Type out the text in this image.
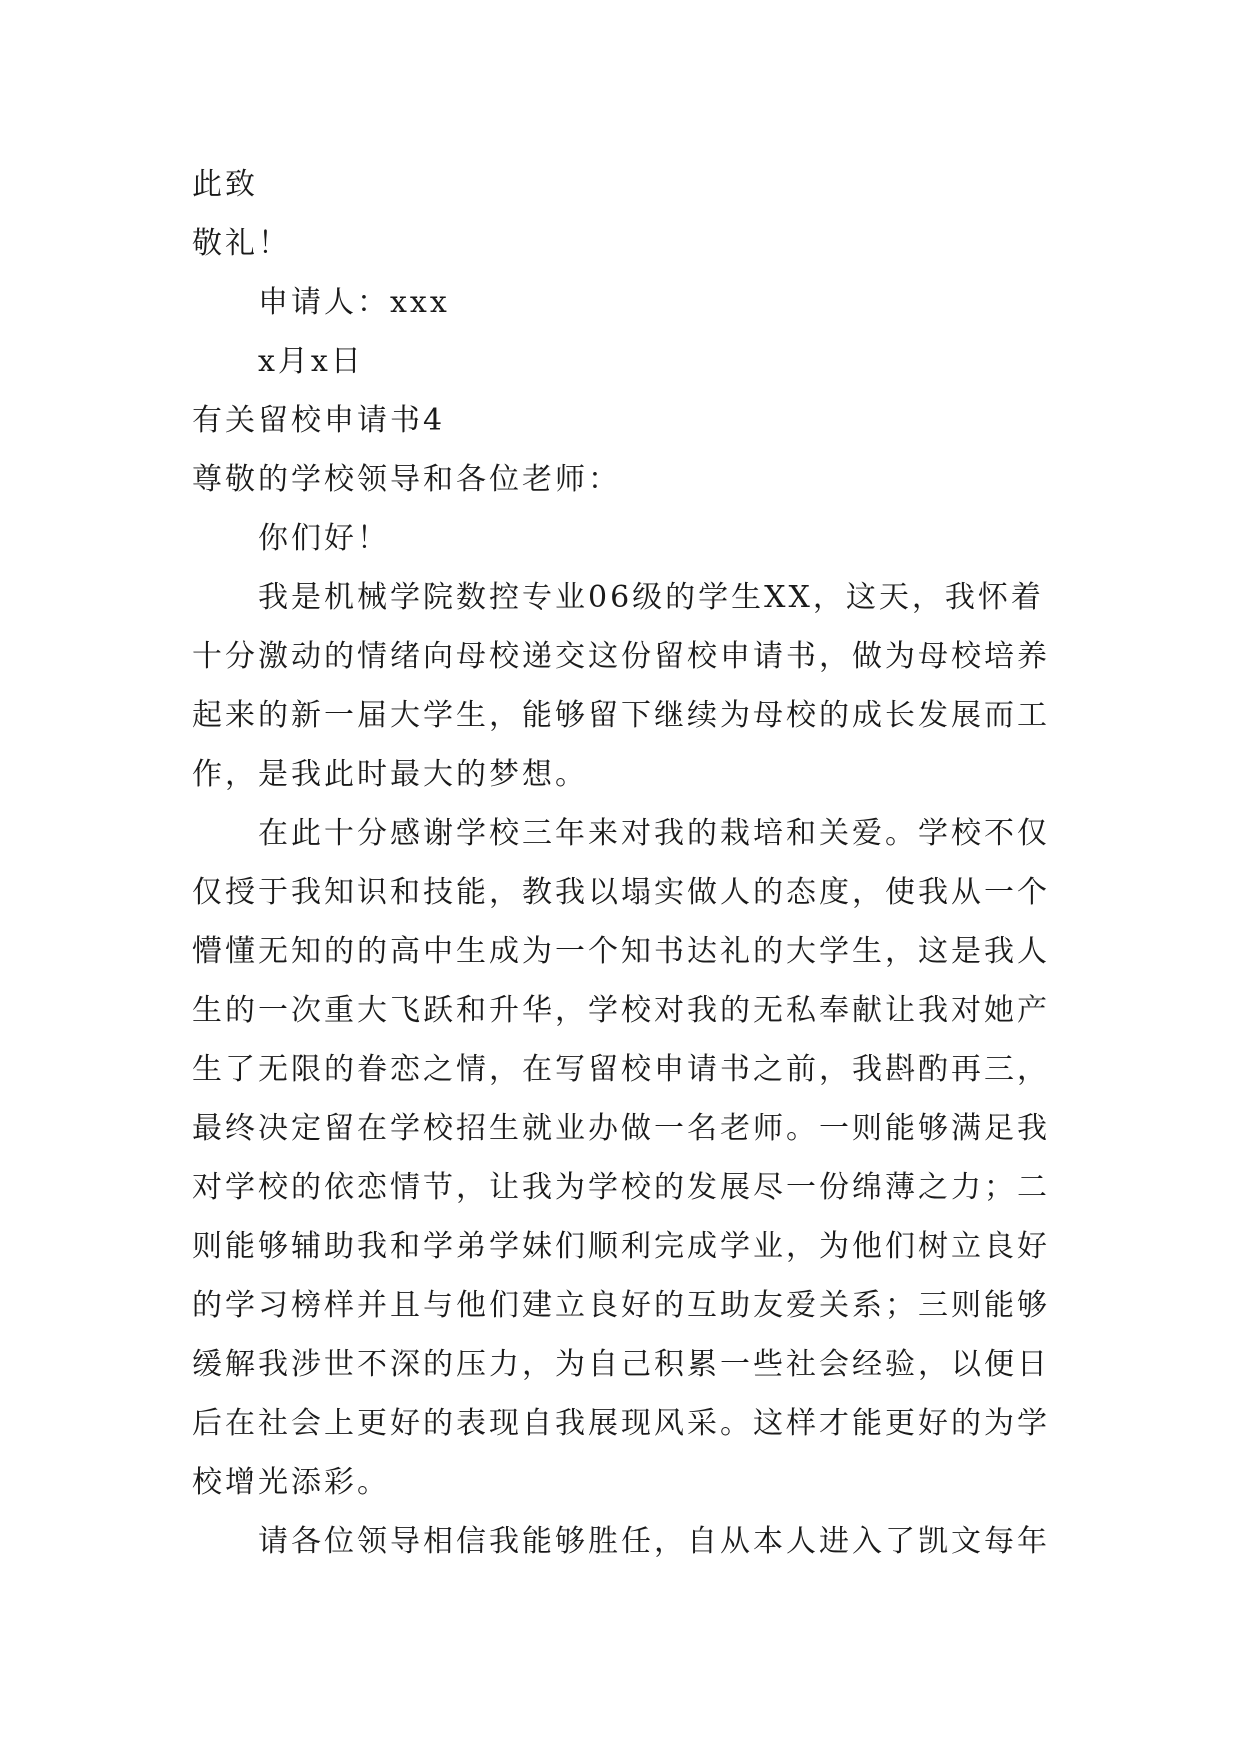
此致
敬礼！
申请人：xxx
x月x日
有关留校申请书4
尊敬的学校领导和各位老师：
你们好！
我是机械学院数控专业06级的学生XX，这天，我怀着
十分激动的情绪向母校递交这份留校申请书，做为母校培养
起来的新一届大学生，能够留下继续为母校的成长发展而工
作，是我此时最大的梦想。
在此十分感谢学校三年来对我的栽培和关爱。学校不仅
仅授于我知识和技能，教我以塌实做人的态度，使我从一个
懵懂无知的的高中生成为一个知书达礼的大学生，这是我人
生的一次重大飞跃和升华，学校对我的无私奉献让我对她产
生了无限的眷恋之情，在写留校申请书之前，我斟酌再三，
最终决定留在学校招生就业办做一名老师。一则能够满足我
对学校的依恋情节，让我为学校的发展尽一份绵薄之力；二
则能够辅助我和学弟学妹们顺利完成学业，为他们树立良好
的学习榜样并且与他们建立良好的互助友爱关系；三则能够
缓解我涉世不深的压力，为自己积累一些社会经验，以便日
后在社会上更好的表现自我展现风采。这样才能更好的为学
校增光添彩。
请各位领导相信我能够胜任，自从本人进入了凯文每年
